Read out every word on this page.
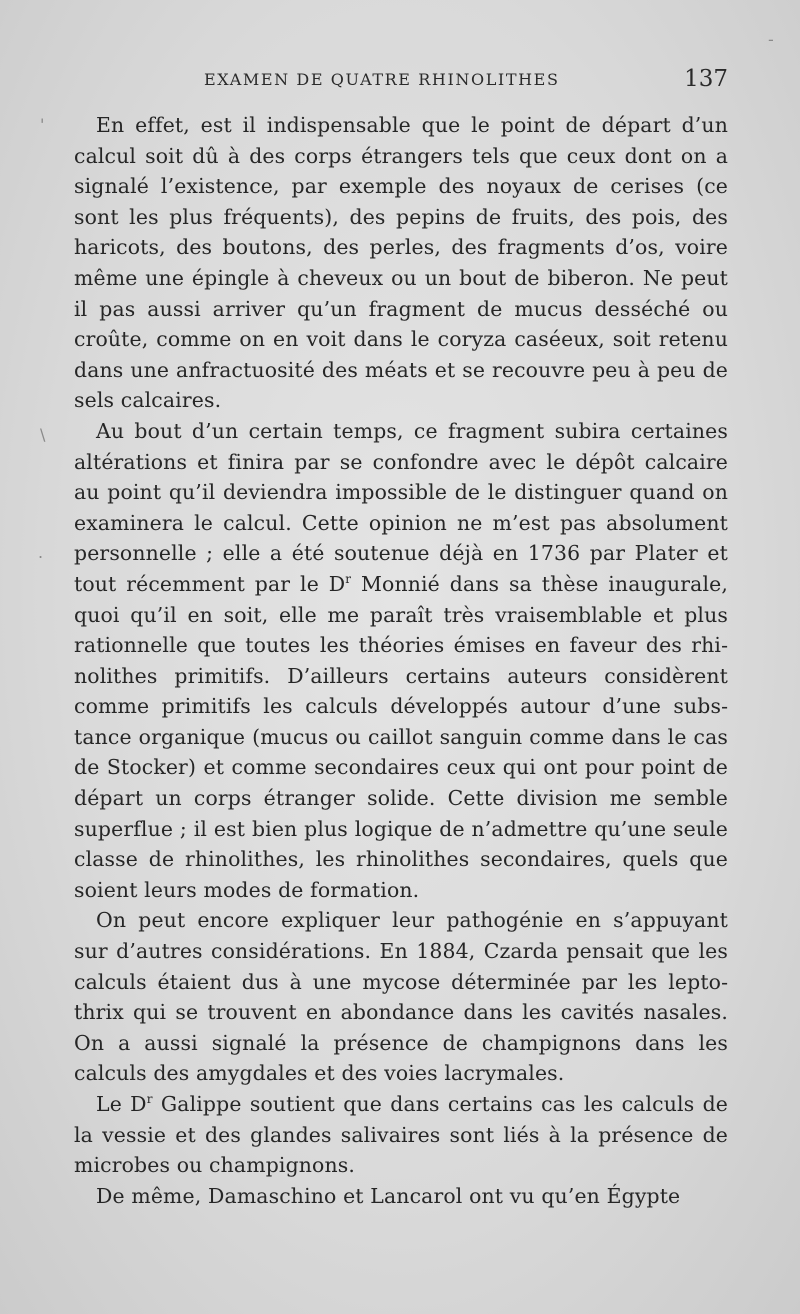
EXAMEN DE QUATRE RHINOLITHES	137

En effet, est il indispensable que le point de départ d’un calcul soit dû à des corps étrangers tels que ceux dont on a signalé l’existence, par exemple des noyaux de cerises (ce sont les plus fréquents), des pepins de fruits, des pois, des haricots, des boutons, des perles, des fragments d’os, voire même une épingle à cheveux ou un bout de biberon. Ne peut il pas aussi arriver qu’un fragment de mucus desséché ou croûte, comme on en voit dans le coryza caséeux, soit retenu dans une anfractuosité des méats et se recouvre peu à peu de sels calcaires.

Au bout d’un certain temps, ce fragment subira certaines altérations et finira par se confondre avec le dépôt calcaire au point qu’il deviendra impossible de le distinguer quand on examinera le calcul. Cette opinion ne m’est pas absolument personnelle ; elle a été soutenue déjà en 1736 par Plater et tout récemment par le $D^r$ Monnié dans sa thèse inaugurale, quoi qu’il en soit, elle me paraît très vraisemblable et plus rationnelle que toutes les théories émises en faveur des rhinolithes primitifs. D’ailleurs certains auteurs considèrent comme primitifs les calculs développés autour d’une substance organique (mucus ou caillot sanguin comme dans le cas de Stocker) et comme secondaires ceux qui ont pour point de départ un corps étranger solide. Cette division me semble superflue ; il est bien plus logique de n’admettre qu’une seule classe de rhinolithes, les rhinolithes secondaires, quels que soient leurs modes de formation.

On peut encore expliquer leur pathogénie en s’appuyant sur d’autres considérations. En 1884, Czarda pensait que les calculs étaient dus à une mycose déterminée par les leptothrix qui se trouvent en abondance dans les cavités nasales. On a aussi signalé la présence de champignons dans les calculs des amygdales et des voies lacrymales.

Le $D^r$ Galippe soutient que dans certains cas les calculs de la vessie et des glandes salivaires sont liés à la présence de microbes ou champignons.

De même, Damaschino et Lancarol ont vu qu’en Égypte

'
\
.
-
